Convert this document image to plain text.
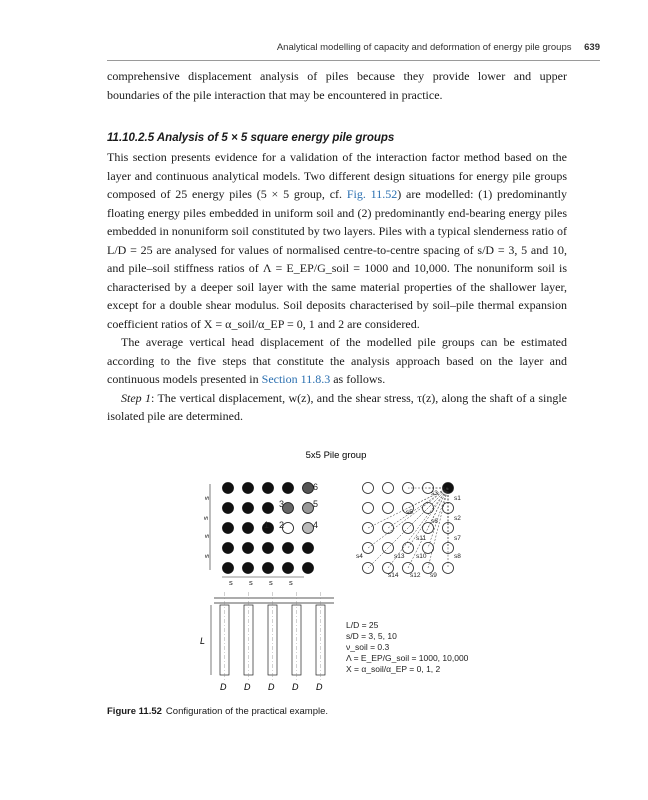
Analytical modelling of capacity and deformation of energy pile groups 639

comprehensive displacement analysis of piles because they provide lower and upper boundaries of the pile interaction that may be encountered in practice.

11.10.2.5 Analysis of 5 × 5 square energy pile groups

This section presents evidence for a validation of the interaction factor method based on the layer and continuous analytical models. Two different design situations for energy pile groups composed of 25 energy piles (5 × 5 group, cf. Fig. 11.52) are modelled: (1) predominantly floating energy piles embedded in uniform soil and (2) predominantly end-bearing energy piles embedded in nonuniform soil constituted by two layers. Piles with a typical slenderness ratio of L/D = 25 are analysed for values of normalised centre-to-centre spacing of s/D = 3, 5 and 10, and pile–soil stiffness ratios of Λ = E_EP/G_soil = 1000 and 10,000. The nonuniform soil is characterised by a deeper soil layer with the same material properties of the shallower layer, except for a double shear modulus. Soil deposits characterised by soil–pile thermal expansion coefficient ratios of X = α_soil/α_EP = 0, 1 and 2 are considered.

The average vertical head displacement of the modelled pile groups can be estimated according to the five steps that constitute the analysis approach based on the layer and continuous models presented in Section 11.8.3 as follows.

Step 1: The vertical displacement, w(z), and the shear stress, τ(z), along the shaft of a single isolated pile are determined.

5x5 Pile group
6
5
4
3
2
1
s
s
s
s
s s s s
s1
s2
s3
s4
s5
s6
s7
s8
s9
s10
s11
s12
s13
s14
L
D D D D D
L/D = 25
s/D = 3, 5, 10
ν_soil = 0.3
Λ = E_EP/G_soil = 1000, 10,000
X = α_soil/α_EP = 0, 1, 2
Figure 11.52 Configuration of the practical example.
